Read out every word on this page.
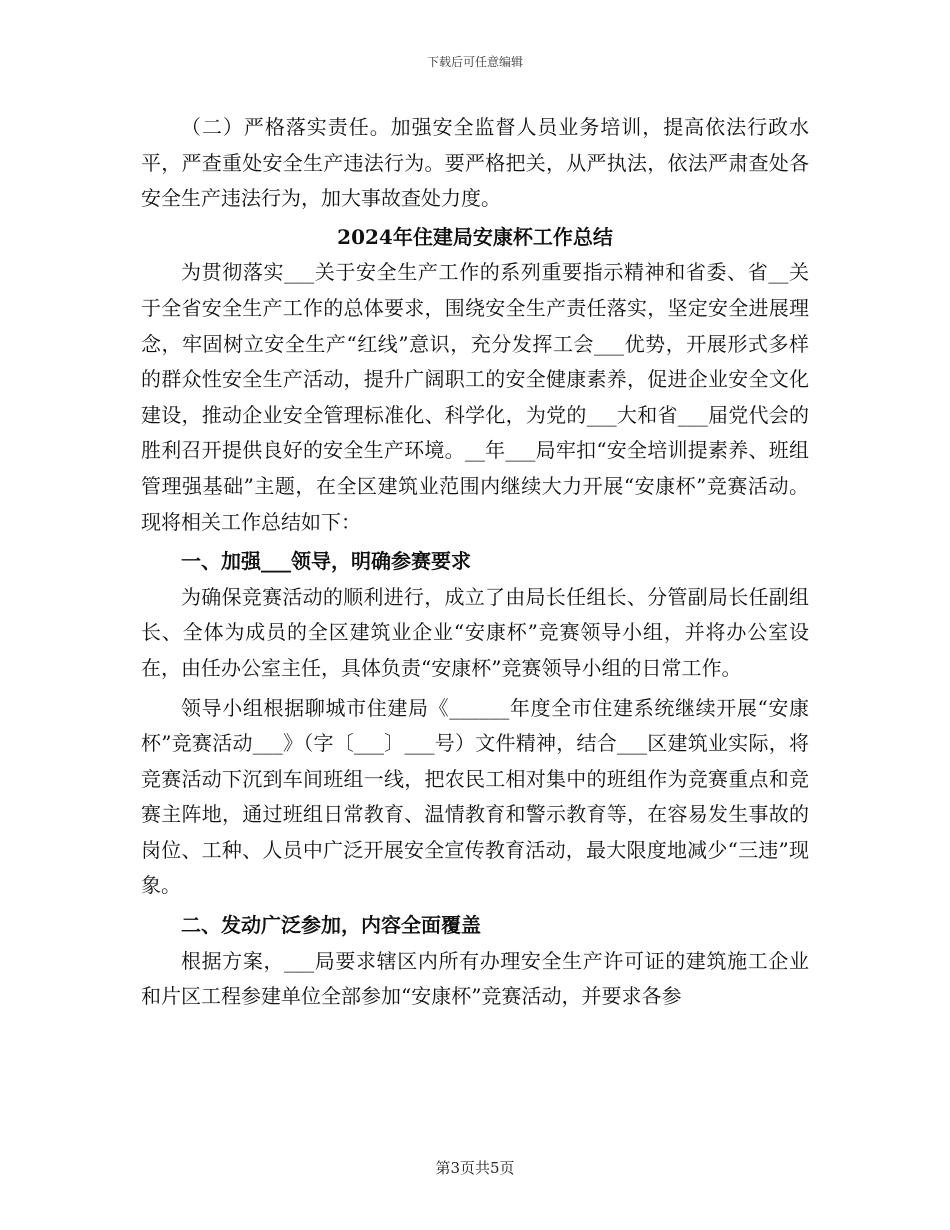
下载后可任意编辑

（二）严格落实责任。加强安全监督人员业务培训，提高依法行政水平，严查重处安全生产违法行为。要严格把关，从严执法，依法严肃查处各安全生产违法行为，加大事故查处力度。

2024年住建局安康杯工作总结

为贯彻落实___关于安全生产工作的系列重要指示精神和省委、省__关于全省安全生产工作的总体要求，围绕安全生产责任落实，坚定安全进展理念，牢固树立安全生产“红线”意识，充分发挥工会___优势，开展形式多样的群众性安全生产活动，提升广阔职工的安全健康素养，促进企业安全文化建设，推动企业安全管理标准化、科学化，为党的___大和省___届党代会的胜利召开提供良好的安全生产环境。__年___局牢扣“安全培训提素养、班组管理强基础”主题，在全区建筑业范围内继续大力开展“安康杯”竞赛活动。现将相关工作总结如下：

一、加强___领导，明确参赛要求

为确保竞赛活动的顺利进行，成立了由局长任组长、分管副局长任副组长、全体为成员的全区建筑业企业“安康杯”竞赛领导小组，并将办公室设在，由任办公室主任，具体负责“安康杯”竞赛领导小组的日常工作。

领导小组根据聊城市住建局《______年度全市住建系统继续开展“安康杯”竞赛活动___》（字〔___〕___号）文件精神，结合___区建筑业实际，将竞赛活动下沉到车间班组一线，把农民工相对集中的班组作为竞赛重点和竞赛主阵地，通过班组日常教育、温情教育和警示教育等，在容易发生事故的岗位、工种、人员中广泛开展安全宣传教育活动，最大限度地减少“三违”现象。

二、发动广泛参加，内容全面覆盖

根据方案，___局要求辖区内所有办理安全生产许可证的建筑施工企业和片区工程参建单位全部参加“安康杯”竞赛活动，并要求各参

第3页共5页
